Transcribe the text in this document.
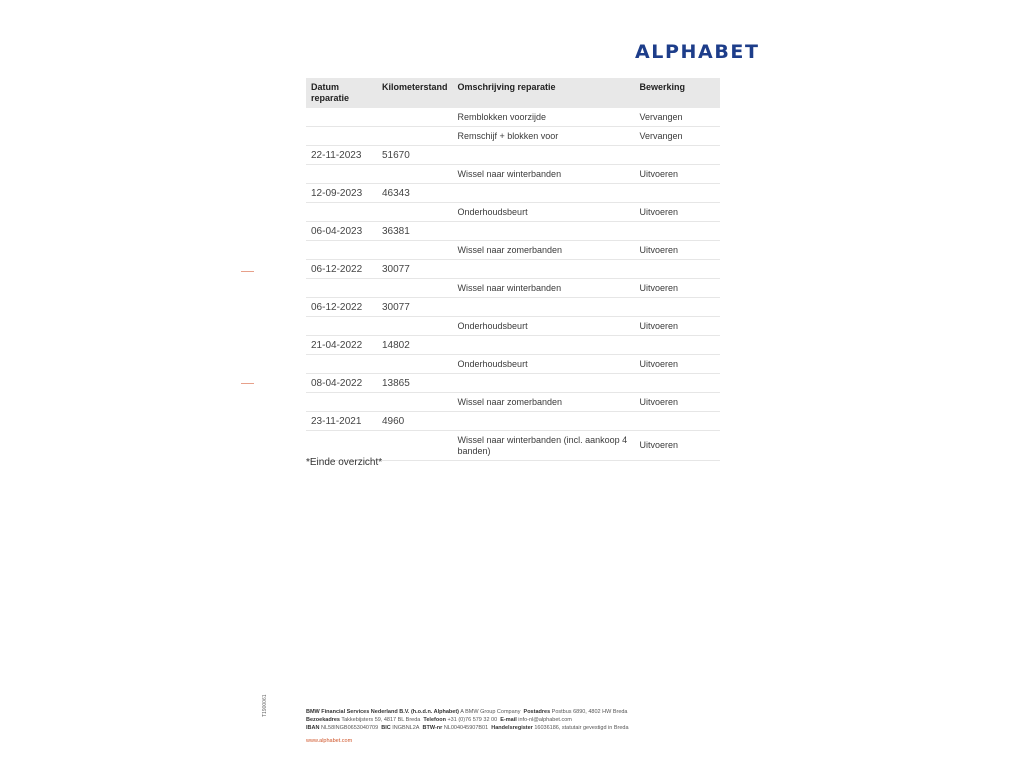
ALPHABET
Datum reparatie	Kilometerstand	Omschrijving reparatie	Bewerking
		Remblokken voorzijde	Vervangen
		Remschijf + blokken voor	Vervangen
22-11-2023	51670		
		Wissel naar winterbanden	Uitvoeren
12-09-2023	46343		
		Onderhoudsbeurt	Uitvoeren
06-04-2023	36381		
		Wissel naar zomerbanden	Uitvoeren
06-12-2022	30077		
		Wissel naar winterbanden	Uitvoeren
06-12-2022	30077		
		Onderhoudsbeurt	Uitvoeren
21-04-2022	14802		
		Onderhoudsbeurt	Uitvoeren
08-04-2022	13865		
		Wissel naar zomerbanden	Uitvoeren
23-11-2021	4960		
		Wissel naar winterbanden (incl. aankoop 4 banden)	Uitvoeren
*Einde overzicht*
T1900061	BMW Financial Services Nederland B.V. (h.o.d.n. Alphabet) A BMW Group Company Postadres Postbus 6890, 4802 HW Breda
Bezoekadres Takkebijsters 59, 4817 BL Breda Telefoon +31 (0)76 579 32 00 E-mail info-nl@alphabet.com
IBAN NL58INGB0653040709 BIC INGBNL2A BTW-nr NL004045907B01 Handelsregister 16036186, statutair gevestigd in Breda
www.alphabet.com
